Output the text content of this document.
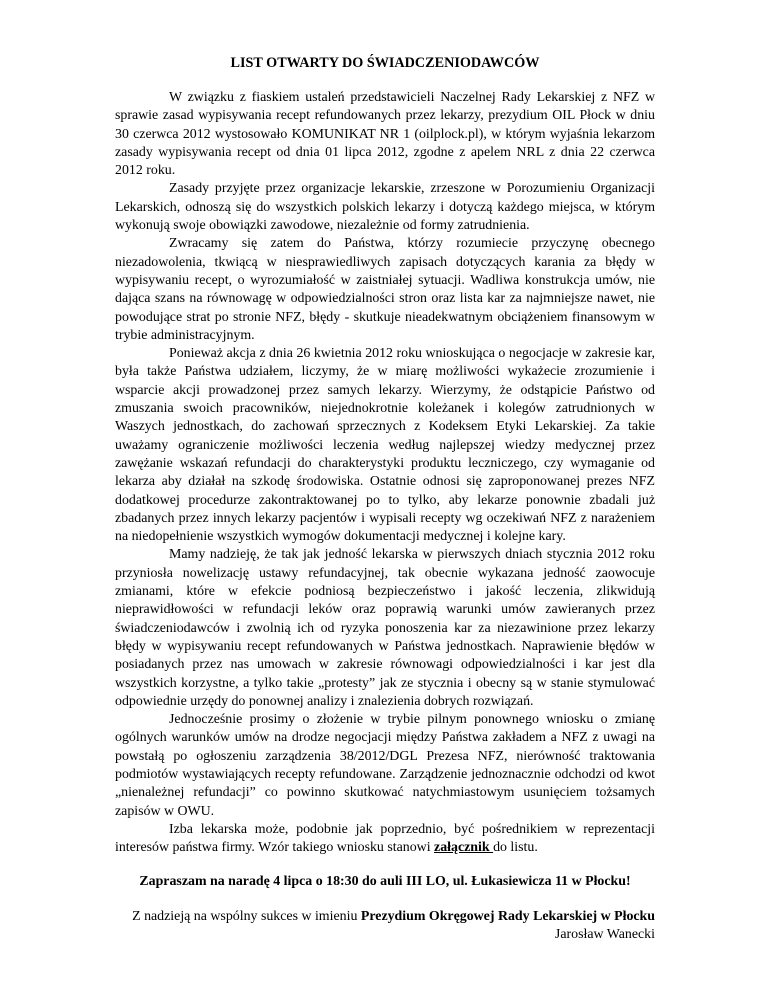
LIST OTWARTY DO ŚWIADCZENIODAWCÓW

W związku z fiaskiem ustaleń przedstawicieli Naczelnej Rady Lekarskiej z NFZ w sprawie zasad wypisywania recept refundowanych przez lekarzy, prezydium OIL Płock w dniu 30 czerwca 2012 wystosowało KOMUNIKAT NR 1 (oilplock.pl), w którym wyjaśnia lekarzom zasady wypisywania recept od dnia 01 lipca 2012, zgodne z apelem NRL z dnia 22 czerwca 2012 roku.

Zasady przyjęte przez organizacje lekarskie, zrzeszone w Porozumieniu Organizacji Lekarskich, odnoszą się do wszystkich polskich lekarzy i dotyczą każdego miejsca, w którym wykonują swoje obowiązki zawodowe, niezależnie od formy zatrudnienia.

Zwracamy się zatem do Państwa, którzy rozumiecie przyczynę obecnego niezadowolenia, tkwiącą w niesprawiedliwych zapisach dotyczących karania za błędy w wypisywaniu recept, o wyrozumiałość w zaistniałej sytuacji. Wadliwa konstrukcja umów, nie dająca szans na równowagę w odpowiedzialności stron oraz lista kar za najmniejsze nawet, nie powodujące strat po stronie NFZ, błędy - skutkuje nieadekwatnym obciążeniem finansowym w trybie administracyjnym.

Ponieważ akcja z dnia 26 kwietnia 2012 roku wnioskująca o negocjacje w zakresie kar, była także Państwa udziałem, liczymy, że w miarę możliwości wykażecie zrozumienie i wsparcie akcji prowadzonej przez samych lekarzy. Wierzymy, że odstąpicie Państwo od zmuszania swoich pracowników, niejednokrotnie koleżanek i kolegów zatrudnionych w Waszych jednostkach, do zachowań sprzecznych z Kodeksem Etyki Lekarskiej. Za takie uważamy ograniczenie możliwości leczenia według najlepszej wiedzy medycznej przez zawężanie wskazań refundacji do charakterystyki produktu leczniczego, czy wymaganie od lekarza aby działał na szkodę środowiska. Ostatnie odnosi się zaproponowanej prezes NFZ dodatkowej procedurze zakontraktowanej po to tylko, aby lekarze ponownie zbadali już zbadanych przez innych lekarzy pacjentów i wypisali recepty wg oczekiwań NFZ z narażeniem na niedopełnienie wszystkich wymogów dokumentacji medycznej i kolejne kary.

Mamy nadzieję, że tak jak jedność lekarska w pierwszych dniach stycznia 2012 roku przyniosła nowelizację ustawy refundacyjnej, tak obecnie wykazana jedność zaowocuje zmianami, które w efekcie podniosą bezpieczeństwo i jakość leczenia, zlikwidują nieprawidłowości w refundacji leków oraz poprawią warunki umów zawieranych przez świadczeniodawców i zwolnią ich od ryzyka ponoszenia kar za niezawinione przez lekarzy błędy w wypisywaniu recept refundowanych w Państwa jednostkach. Naprawienie błędów w posiadanych przez nas umowach w zakresie równowagi odpowiedzialności i kar jest dla wszystkich korzystne, a tylko takie „protesty” jak ze stycznia i obecny są w stanie stymulować odpowiednie urzędy do ponownej analizy i znalezienia dobrych rozwiązań.

Jednocześnie prosimy o złożenie w trybie pilnym ponownego wniosku o zmianę ogólnych warunków umów na drodze negocjacji między Państwa zakładem a NFZ z uwagi na powstałą po ogłoszeniu zarządzenia 38/2012/DGL Prezesa NFZ, nierówność traktowania podmiotów wystawiających recepty refundowane. Zarządzenie jednoznacznie odchodzi od kwot „nienależnej refundacji” co powinno skutkować natychmiastowym usunięciem tożsamych zapisów w OWU.

Izba lekarska może, podobnie jak poprzednio, być pośrednikiem w reprezentacji interesów państwa firmy. Wzór takiego wniosku stanowi załącznik do listu.

Zapraszam na naradę 4 lipca o 18:30 do auli III LO, ul. Łukasiewicza 11 w Płocku!

Z nadzieją na wspólny sukces w imieniu Prezydium Okręgowej Rady Lekarskiej w Płocku

Jarosław Wanecki
